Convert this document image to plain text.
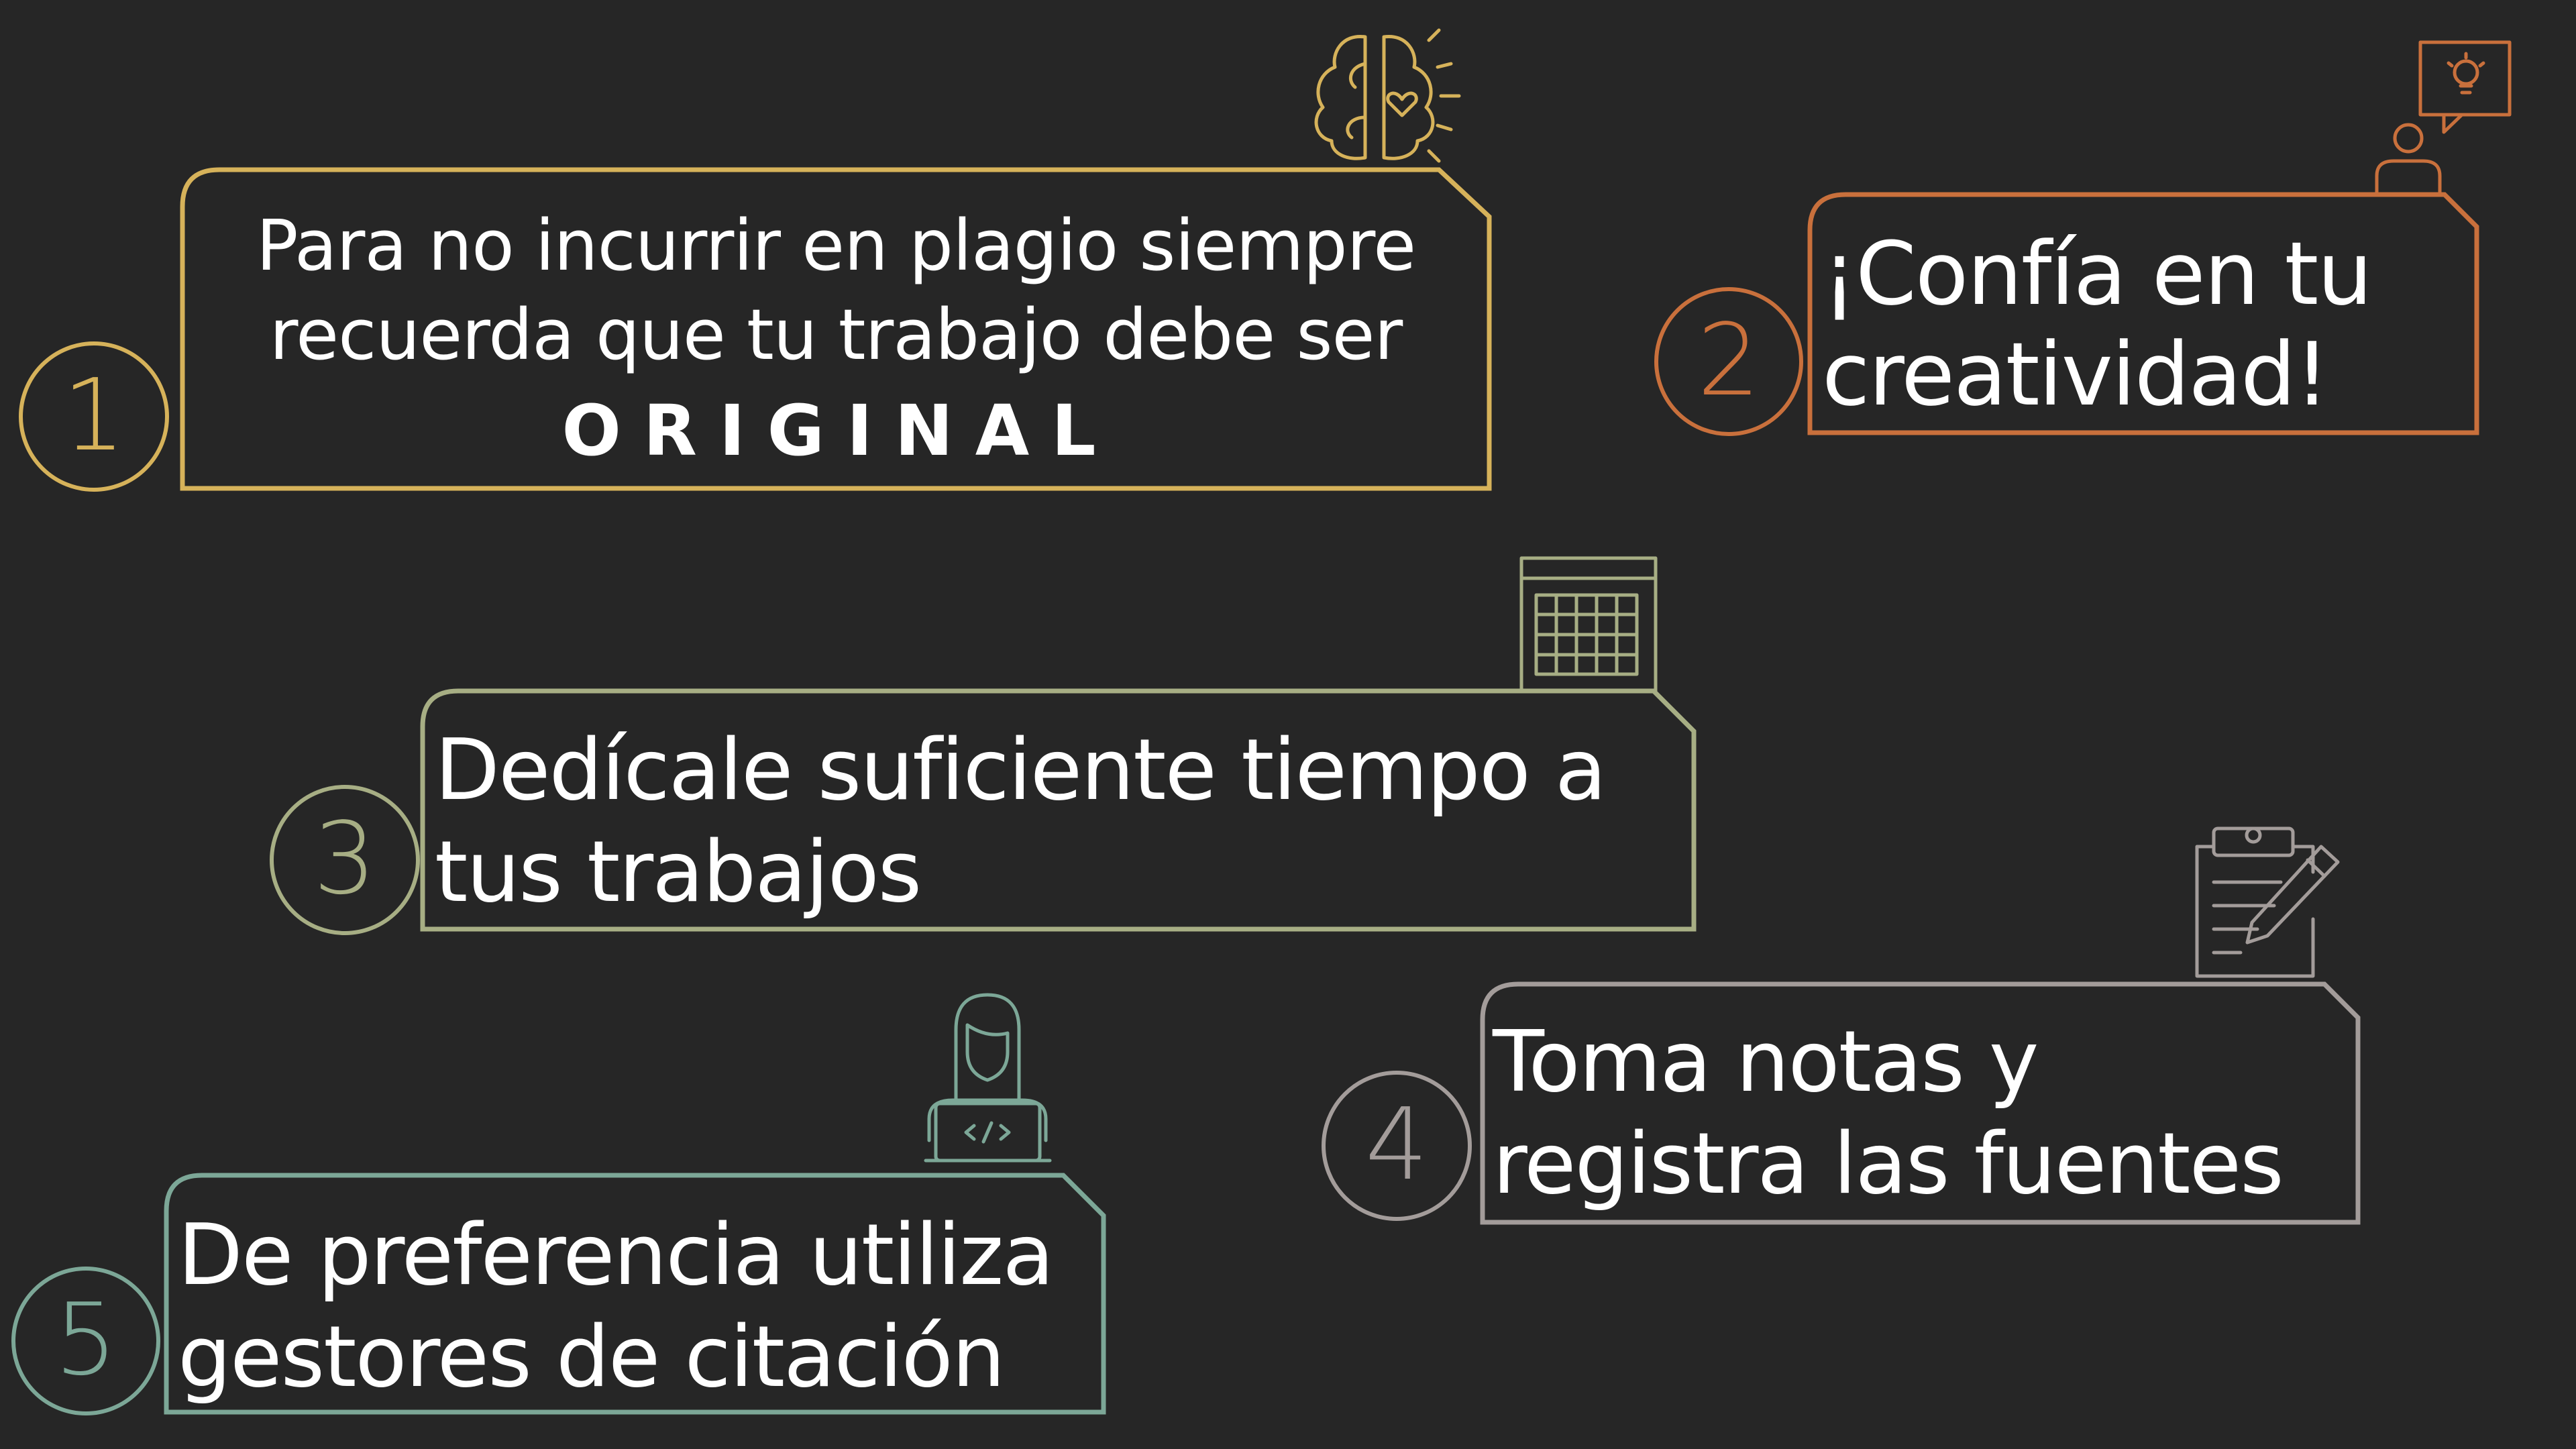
1	2
3
4
5
Para no incurrir en plagio siempre
recuerda que tu trabajo debe ser
ORIGINAL
¡Confía en tu
creatividad!
Dedícale suficiente tiempo a
tus trabajos
Toma notas y
registra las fuentes
De preferencia utiliza
gestores de citación
